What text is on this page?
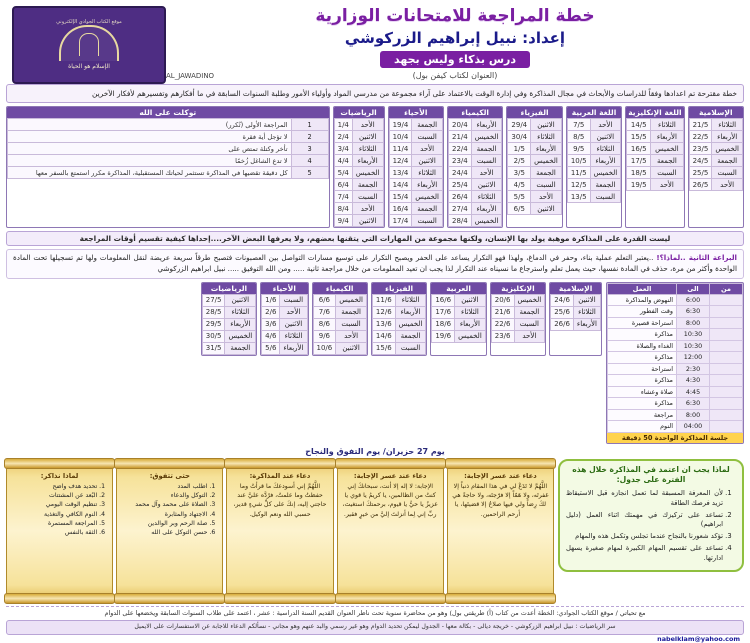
موقع الكتاب الجوادي الإلكتروني
الإسلام هو الحياة
خطة المراجعة للامتحانات الوزارية
إعداد: نبيل إبراهيم الزركوشي
درس بذكاء وليس بجهد
(العنوان لكتاب كيفن بول)
AL_JAWADINO
خطة مقترحة تم اعدادها وفقاً للدراسات والأبحاث في مجال المذاكرة وفي إدارة الوقت بالاعتماد على آراء مجموعة من مدرسي المواد وأولياء الأمور وطلبة السنوات السابقة في ما أفكارهم وتفسيرهم لأفكار الآخرين
الإسلامية
الثلاثاء	21/5
الأربعاء	22/5
الخميس	23/5
الجمعة	24/5
السبت	25/5
الأحد	26/5
اللغة الإنكليزية
الثلاثاء	14/5
الأربعاء	15/5
الخميس	16/5
الجمعة	17/5
السبت	18/5
الأحد	19/5
اللغة العربية
الأحد	7/5
الاثنين	8/5
الثلاثاء	9/5
الأربعاء	10/5
الخميس	11/5
الجمعة	12/5
السبت	13/5
الفيزياء
الاثنين	29/4
الثلاثاء	30/4
الأربعاء	1/5
الخميس	2/5
الجمعة	3/5
السبت	4/5
الأحد	5/5
الاثنين	6/5
الكيمياء
الأربعاء	20/4
الخميس	21/4
الجمعة	22/4
السبت	23/4
الأحد	24/4
الاثنين	25/4
الثلاثاء	26/4
الأربعاء	27/4
الخميس	28/4
الأحياء
الجمعة	19/4
السبت	10/4
الأحد	11/4
الاثنين	12/4
الثلاثاء	13/4
الأربعاء	14/4
الخميس	15/4
الجمعة	16/4
السبت	17/4
الرياضيات
الأحد	1/4
الاثنين	2/4
الثلاثاء	3/4
الأربعاء	4/4
الخميس	5/4
الجمعة	6/4
السبت	7/4
الأحد	8/4
الاثنين	9/4
توكلت على الله
1	المراجعة الأولى (تُكرر)
2	لا تؤجل أية فقرة
3	تأخر وكتلة تمتص على
4	لا تدع الشاغل زُخمًا
5	كل دقيقة تقضيها في المذاكرة تستثمر لحياتك المستقبلية، المذاكرة مكرر استمتع بالسفر معها
ليست القدرة على المذاكرة موهبة يولد بها الإنسان، ولكنها مجموعة من المهارات التي يتقنها بعضهم، ولا يعرفها البعض الآخر....إحداها كيفية تقسيم أوقات المراجعة
البراعة الثانية ..لماذا؟! ..يعتبر التعلم عملية بناء، وحفر في الدماغ، ولهذا فهو التكرار يساعد على الحفر ويصبح التكرار على توسيع مسارات التواصل بين العصبونات فتصبح طرقاً سريعة عريضة لنقل المعلومات ولها تم تسجيلها تحت المادة الواحدة وأكثر من مرة، حذف في المادة نفسها، حيث يعمل تعلم واسترجاع ما نسيناه عند التكرار لذا يجب ان تعيد المعلومات من خلال مراجعة ثانية ..... ومن الله التوفيق ..... نبيل ابراهيم الزركوشي
من	الى	العمل
	6:00	النهوض والمذاكرة
	6:30	وقت الفطور
	8:00	استراحة قصيرة
	10:30	مذاكرة
	10:30	الغداء والصلاة
	12:00	مذاكرة
	2:30	استراحة
	4:30	مذاكرة
	4:45	صلاة وعشاء
	6:30	مذاكرة
	8:00	مراجعة
	04:00	النوم
جلسة المذاكرة الواحدة 50 دقيقة
الإسلامية
الاثنين	24/6
الثلاثاء	25/6
الأربعاء	26/6
الإنكليزية
الخميس	20/6
الجمعة	21/6
السبت	22/6
الأحد	23/6
العربية
الاثنين	16/6
الثلاثاء	17/6
الأربعاء	18/6
الخميس	19/6
الفيزياء
الثلاثاء	11/6
الأربعاء	12/6
الخميس	13/6
الجمعة	14/6
السبت	15/6
الكيمياء
الخميس	6/6
الجمعة	7/6
السبت	8/6
الأحد	9/6
الاثنين	10/6
الأحياء
السبت	1/6
الأحد	2/6
الاثنين	3/6
الثلاثاء	4/6
الأربعاء	5/6
الرياضيات
الاثنين	27/5
الثلاثاء	28/5
الأربعاء	29/5
الخميس	30/5
الجمعة	31/5
يوم 27 حزيران/ يوم التفوق والنجاح
لماذا يجب ان اعتمد في المذاكرة خلال هذه الفترة على جدول:
1. لأن المعرفة المسبقة لما تعمل انجازه قبل الاستيقاظ تزيد فرصك الطاقة
2. تساعد على تركيزك في مهمتك اثناء العمل (دليل ابراهيم)
3. تؤكد شعورنا بالنجاح عندما تجلس وتكمل هذه والمهام
4. تساعد على تقسيم المهام الكبيرة لمهام صغيرة يسهل ادارتها.
دعاء عند عسر الإجابة:
اللَّهُمَّ لا تَدَعْ لي في هذا المقام ذنباً إلا غفرتَه، ولا هَمّاً إلا فرّجتَه، ولا حاجةً هي لكَ رِضاً ولي فيها صلاحٌ إلا قضيتَها، يا أرحم الراحمين.
دعاء عند عسر الإجابة:
الإجابة: لا إله إلا أنت، سبحانكَ إني كنتُ من الظالمين، يا كريمُ يا قوي يا عزيزُ يا حيُّ يا قيوم، برحمتكَ استغيث، ربِّ إني لِما أنزلتَ إليَّ من خيرٍ فقير.
دعاء عند المذاكرة:
اللَّهُمَّ إني أسودعكَ ما قرأتُ وما حفظتُ وما علمتُ، فرُدَّه عليَّ عند حاجتي إليه، إنكَ على كلِّ شيءٍ قدير، حسبي الله ونعم الوكيل.
حتى تتفوق:
1. اطلب المدد
2. التوكل والدعاء
3. الصلاة على محمد وآل محمد
4. الاجتهاد والمثابرة
5. صلة الرحم وبر الوالدين
6. حسن التوكل على الله
لماذا نذاكر:
1. تحديد هدف واضح
2. البُعد عن المشتتات
3. تنظيم الوقت اليومي
4. النوم الكافي والتغذية
5. المراجعة المستمرة
6. الثقة بالنفس
مع تحياتي / موقع الكتاب الجوادي: الخطة أعدت من كتاب (أ) طريقتي بول) وهو من محاضرة سنوية تحت ناظر العنوان القديم السنة الدراسية : عشر ، اعتمد على طلاب السنوات السابقة ويخضعها على الدوام
سر الرياضيات : نبيل ابراهيم الزركوشي - خريجة ديالى - بكالة معها - الجدول ليمكن تحديد الدوام وهو غير رسمي والبد عنهم وهو مجاني - نسألكم الدعاء للاجابة عن الاستفسارات على الايميل
nabelklam@yahoo.com
